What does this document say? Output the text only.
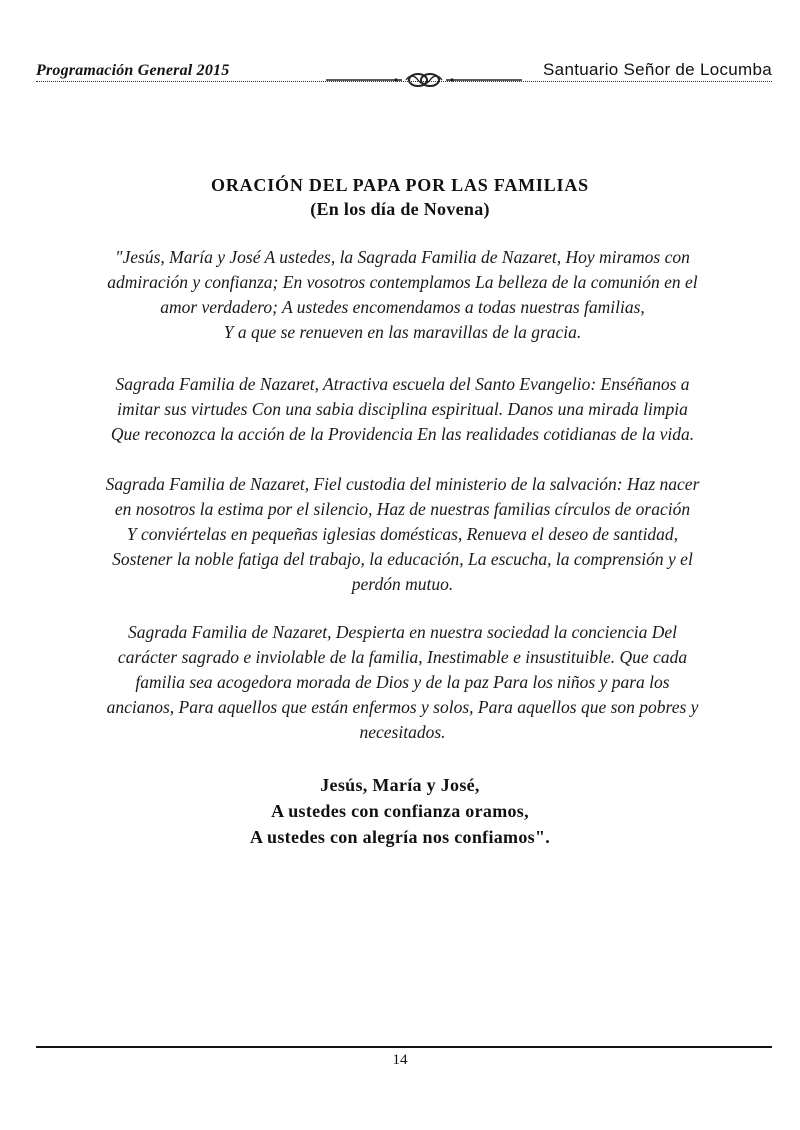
Programación General 2015	Santuario Señor de Locumba
ORACIÓN DEL PAPA POR LAS FAMILIAS
(En los día de Novena)
"Jesús, María y José A ustedes, la Sagrada Familia de Nazaret, Hoy miramos con
admiración y confianza; En vosotros contemplamos La belleza de la comunión en el
amor verdadero; A ustedes encomendamos a todas nuestras familias,
Y a que se renueven en las maravillas de la gracia.
Sagrada Familia de Nazaret, Atractiva escuela del Santo Evangelio: Enséñanos a
imitar sus virtudes Con una sabia disciplina espiritual. Danos una mirada limpia
Que reconozca la acción de la Providencia En las realidades cotidianas de la vida.
Sagrada Familia de Nazaret, Fiel custodia del ministerio de la salvación: Haz nacer
en nosotros la estima por el silencio, Haz de nuestras familias círculos de oración
Y conviértelas en pequeñas iglesias domésticas, Renueva el deseo de santidad,
Sostener la noble fatiga del trabajo, la educación, La escucha, la comprensión y el
perdón mutuo.
Sagrada Familia de Nazaret, Despierta en nuestra sociedad la conciencia Del
carácter sagrado e inviolable de la familia, Inestimable e insustituible. Que cada
familia sea acogedora morada de Dios y de la paz Para los niños y para los
ancianos, Para aquellos que están enfermos y solos, Para aquellos que son pobres y
necesitados.
Jesús, María y José,
A ustedes con confianza oramos,
A ustedes con alegría nos confiamos".
14
